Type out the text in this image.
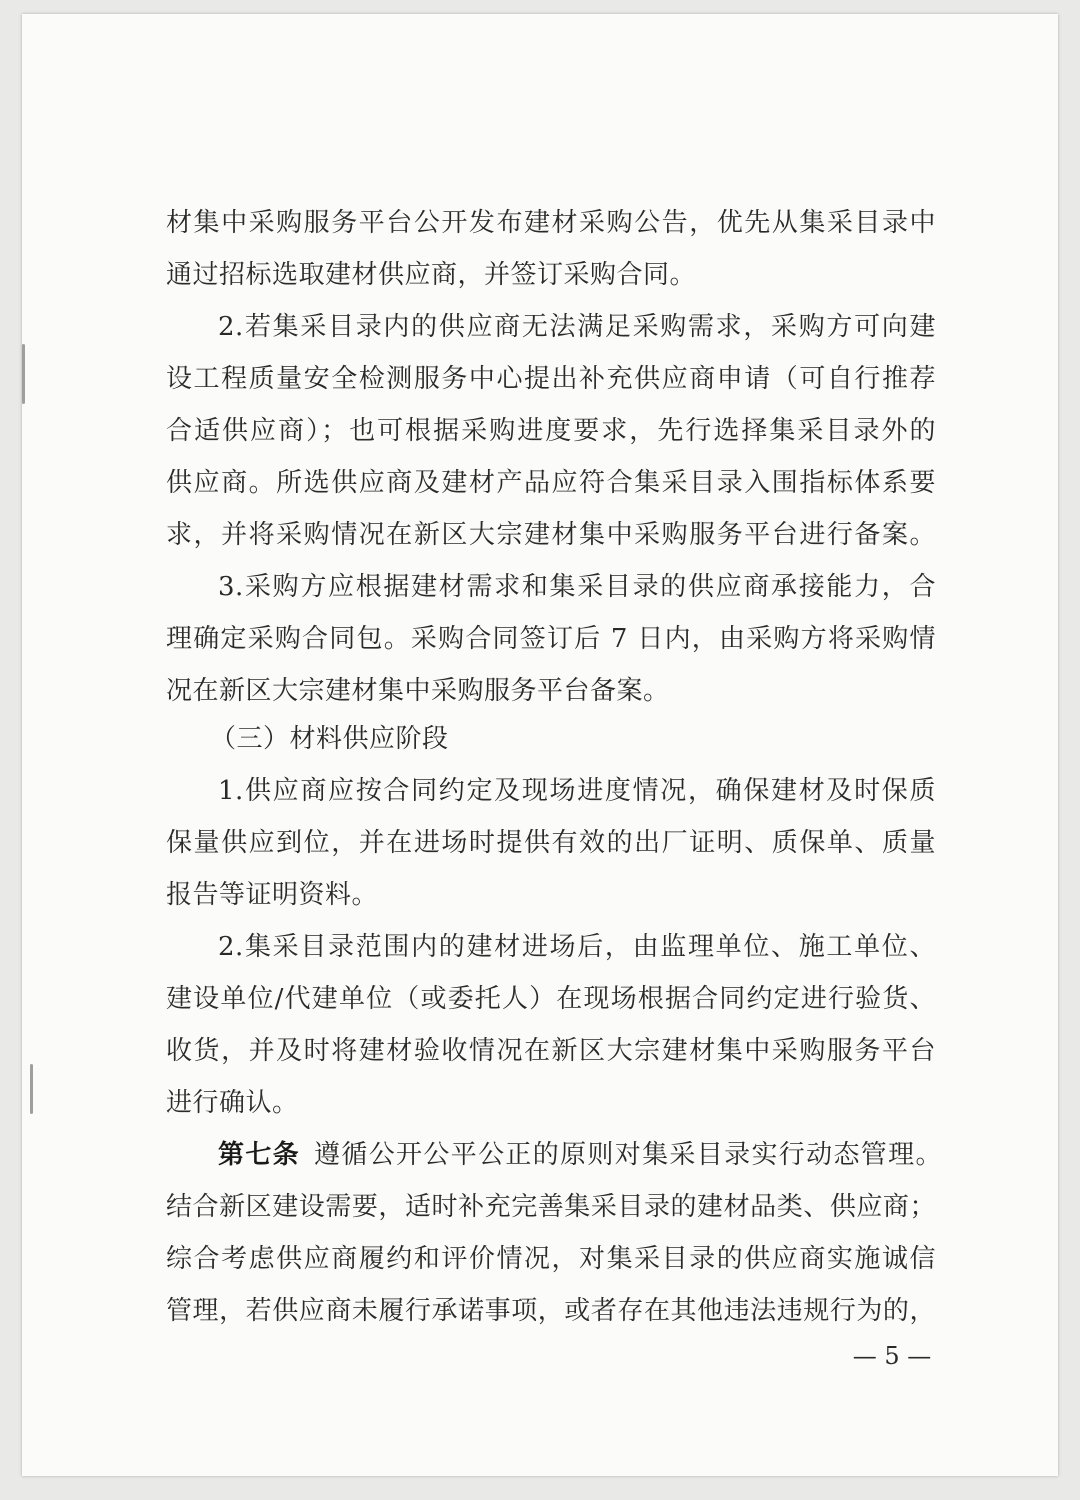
材集中采购服务平台公开发布建材采购公告，优先从集采目录中
通过招标选取建材供应商，并签订采购合同。
2.若集采目录内的供应商无法满足采购需求，采购方可向建
设工程质量安全检测服务中心提出补充供应商申请（可自行推荐
合适供应商）；也可根据采购进度要求，先行选择集采目录外的
供应商。所选供应商及建材产品应符合集采目录入围指标体系要
求，并将采购情况在新区大宗建材集中采购服务平台进行备案。
3.采购方应根据建材需求和集采目录的供应商承接能力，合
理确定采购合同包。采购合同签订后 7 日内，由采购方将采购情
况在新区大宗建材集中采购服务平台备案。
（三）材料供应阶段
1.供应商应按合同约定及现场进度情况，确保建材及时保质
保量供应到位，并在进场时提供有效的出厂证明、质保单、质量
报告等证明资料。
2.集采目录范围内的建材进场后，由监理单位、施工单位、
建设单位/代建单位（或委托人）在现场根据合同约定进行验货、
收货，并及时将建材验收情况在新区大宗建材集中采购服务平台
进行确认。
第七条 遵循公开公平公正的原则对集采目录实行动态管理。
结合新区建设需要，适时补充完善集采目录的建材品类、供应商；
综合考虑供应商履约和评价情况，对集采目录的供应商实施诚信
管理，若供应商未履行承诺事项，或者存在其他违法违规行为的，
— 5 —
